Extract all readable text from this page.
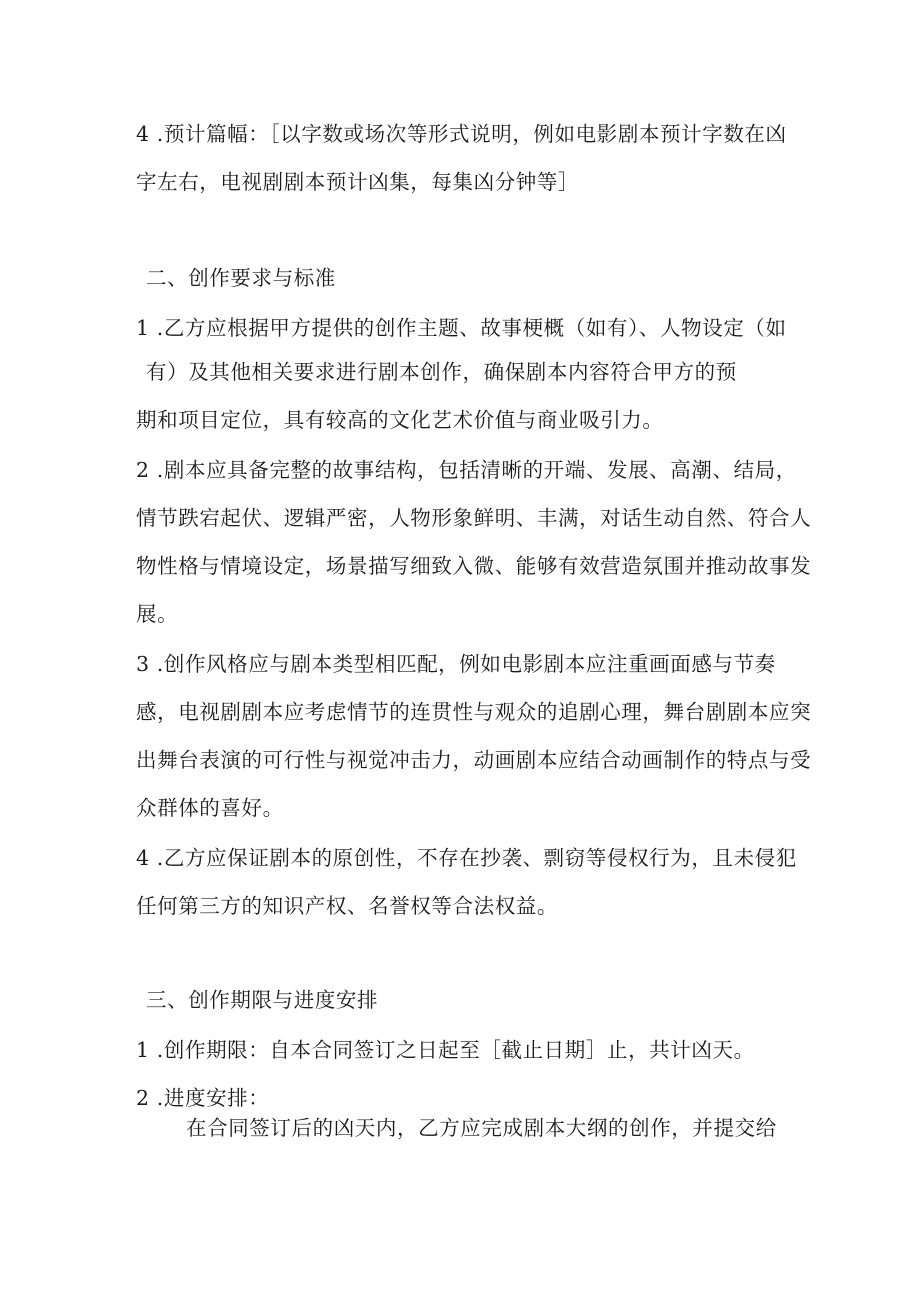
4 .预计篇幅：［以字数或场次等形式说明，例如电影剧本预计字数在凶
字左右，电视剧剧本预计凶集，每集凶分钟等］
二、创作要求与标准
1 .乙方应根据甲方提供的创作主题、故事梗概（如有）、人物设定（如
有）及其他相关要求进行剧本创作，确保剧本内容符合甲方的预
期和项目定位，具有较高的文化艺术价值与商业吸引力。
2 .剧本应具备完整的故事结构，包括清晰的开端、发展、高潮、结局，
情节跌宕起伏、逻辑严密，人物形象鲜明、丰满，对话生动自然、符合人
物性格与情境设定，场景描写细致入微、能够有效营造氛围并推动故事发
展。
3 .创作风格应与剧本类型相匹配，例如电影剧本应注重画面感与节奏
感，电视剧剧本应考虑情节的连贯性与观众的追剧心理，舞台剧剧本应突
出舞台表演的可行性与视觉冲击力，动画剧本应结合动画制作的特点与受
众群体的喜好。
4 .乙方应保证剧本的原创性，不存在抄袭、剽窃等侵权行为，且未侵犯
任何第三方的知识产权、名誉权等合法权益。
三、创作期限与进度安排
1 .创作期限：自本合同签订之日起至［截止日期］止，共计凶天。
2 .进度安排：
在合同签订后的凶天内，乙方应完成剧本大纲的创作，并提交给
